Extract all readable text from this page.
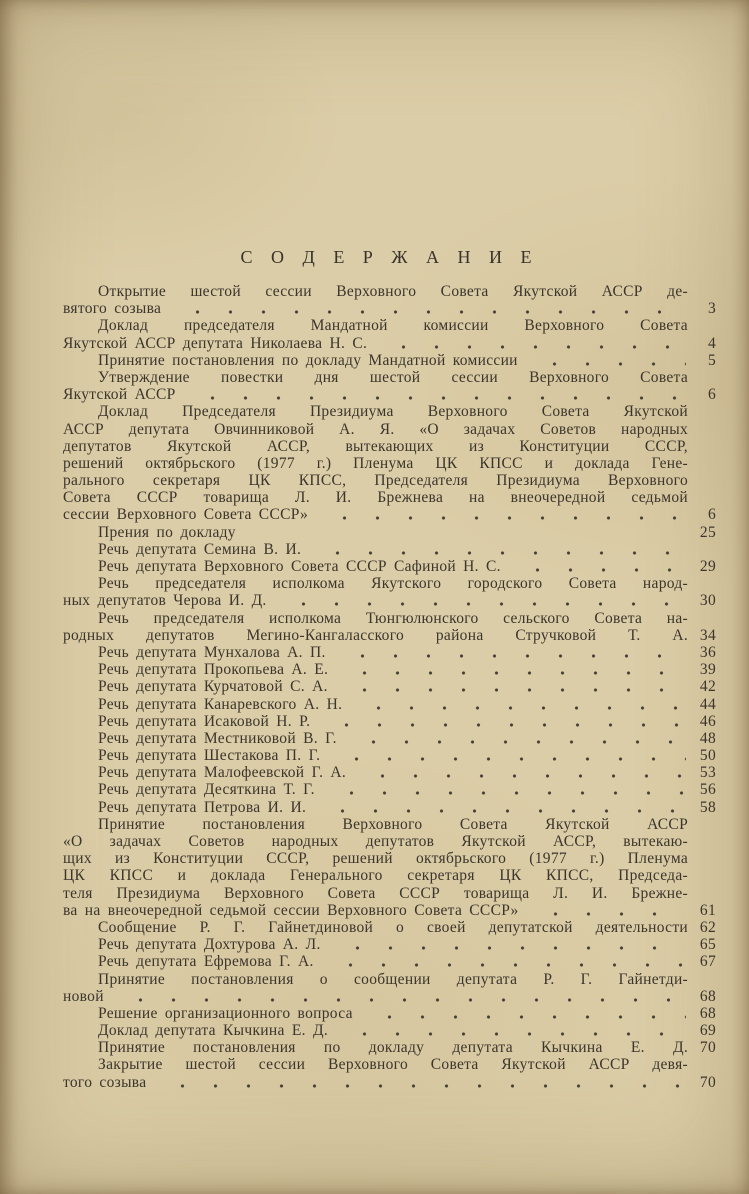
С О Д Е Р Ж А Н И Е
Открытие шестой сессии Верховного Совета Якутской АССР де-
вятого созыва	3
Доклад председателя Мандатной комиссии Верховного Совета
Якутской АССР депутата Николаева Н. С.	4
Принятие постановления по докладу Мандатной комиссии	5
Утверждение повестки дня шестой сессии Верховного Совета
Якутской АССР	6
Доклад Председателя Президиума Верховного Совета Якутской
АССР депутата Овчинниковой А. Я. «О задачах Советов народных
депутатов Якутской АССР, вытекающих из Конституции СССР,
решений октябрьского (1977 г.) Пленума ЦК КПСС и доклада Гене-
рального секретаря ЦК КПСС, Председателя Президиума Верховного
Совета СССР товарища Л. И. Брежнева на внеочередной седьмой
сессии Верховного Совета СССР»	6
Прения по докладу	25
Речь депутата Семина В. И.
Речь депутата Верховного Совета СССР Сафиной Н. С.	29
Речь председателя исполкома Якутского городского Совета народ-
ных депутатов Черова И. Д.	30
Речь председателя исполкома Тюнгюлюнского сельского Совета на-
родных депутатов Мегино-Кангаласского района Стручковой Т. А. 34
Речь депутата Мунхалова А. П.	36
Речь депутата Прокопьева А. Е.	39
Речь депутата Курчатовой С. А.	42
Речь депутата Канаревского А. Н.	44
Речь депутата Исаковой Н. Р.	46
Речь депутата Местниковой В. Г.	48
Речь депутата Шестакова П. Г.	50
Речь депутата Малофеевской Г. А.	53
Речь депутата Десяткина Т. Г.	56
Речь депутата Петрова И. И.	58
Принятие постановления Верховного Совета Якутской АССР
«О задачах Советов народных депутатов Якутской АССР, вытекаю-
щих из Конституции СССР, решений октябрьского (1977 г.) Пленума
ЦК КПСС и доклада Генерального секретаря ЦК КПСС, Председа-
теля Президиума Верховного Совета СССР товарища Л. И. Брежне-
ва на внеочередной седьмой сессии Верховного Совета СССР»	61
Сообщение Р. Г. Гайнетдиновой о своей депутатской деятельности 62
Речь депутата Дохтурова А. Л.	65
Речь депутата Ефремова Г. А.	67
Принятие постановления о сообщении депутата Р. Г. Гайнетди-
новой	68
Решение организационного вопроса	68
Доклад депутата Кычкина Е. Д.	69
Принятие постановления по докладу депутата Кычкина Е. Д. 70
Закрытие шестой сессии Верховного Совета Якутской АССР девя-
того созыва	70
